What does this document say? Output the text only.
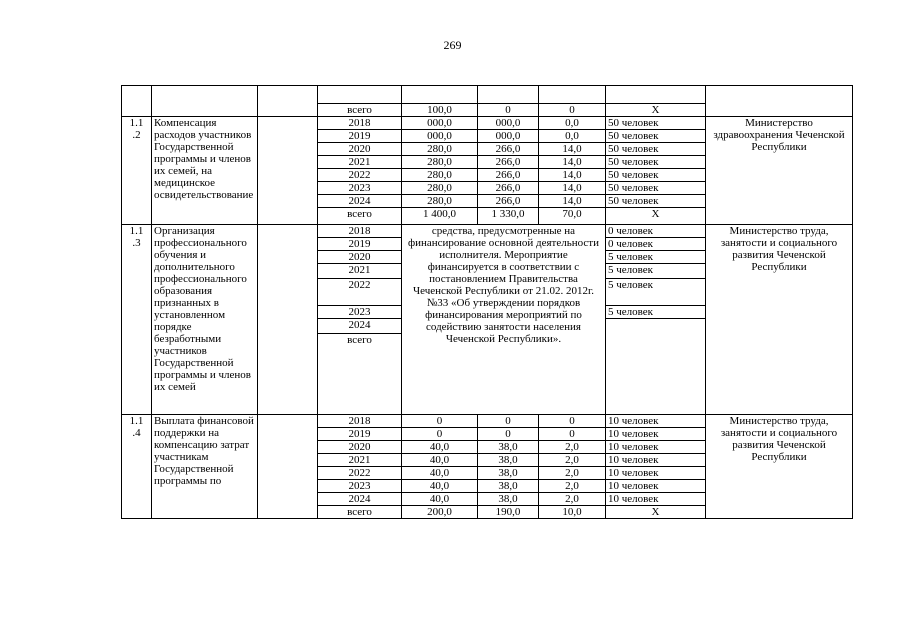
269

			всего	100,0	0	0	Х	
1.1
.2	Компенсация расходов участников Государственной программы и членов их семей, на медицинское освидетельствование		2018	000,0	000,0	0,0	50 человек	Министерство здравоохранения Чеченской Республики
			2019	000,0	000,0	0,0	50 человек	
			2020	280,0	266,0	14,0	50 человек	
			2021	280,0	266,0	14,0	50 человек	
			2022	280,0	266,0	14,0	50 человек	
			2023	280,0	266,0	14,0	50 человек	
			2024	280,0	266,0	14,0	50 человек	
			всего	1 400,0	1 330,0	70,0	Х	
1.1
.3	Организация профессионального обучения и дополнительного профессионального образования признанных в установленном порядке безработными участников Государственной программы и членов их семей		2018	средства, предусмотренные на финансирование основной деятельности исполнителя. Мероприятие финансируется в соответствии с постановлением Правительства Чеченской Республики от 21.02. 2012г. №33 «Об утверждении порядков финансирования мероприятий по содействию занятости населения Чеченской Республики».			0 человек	Министерство труда, занятости и социального развития Чеченской Республики
			2019				0 человек	
			2020				5 человек	
			2021				5 человек	
			2022				5 человек	
			2023				5 человек	
			2024					
			всего					
1.1
.4	Выплата финансовой поддержки на компенсацию затрат участникам Государственной программы по		2018	0	0	0	10 человек	Министерство труда, занятости и социального развития Чеченской Республики
			2019	0	0	0	10 человек	
			2020	40,0	38,0	2,0	10 человек	
			2021	40,0	38,0	2,0	10 человек	
			2022	40,0	38,0	2,0	10 человек	
			2023	40,0	38,0	2,0	10 человек	
			2024	40,0	38,0	2,0	10 человек	
			всего	200,0	190,0	10,0	Х	
